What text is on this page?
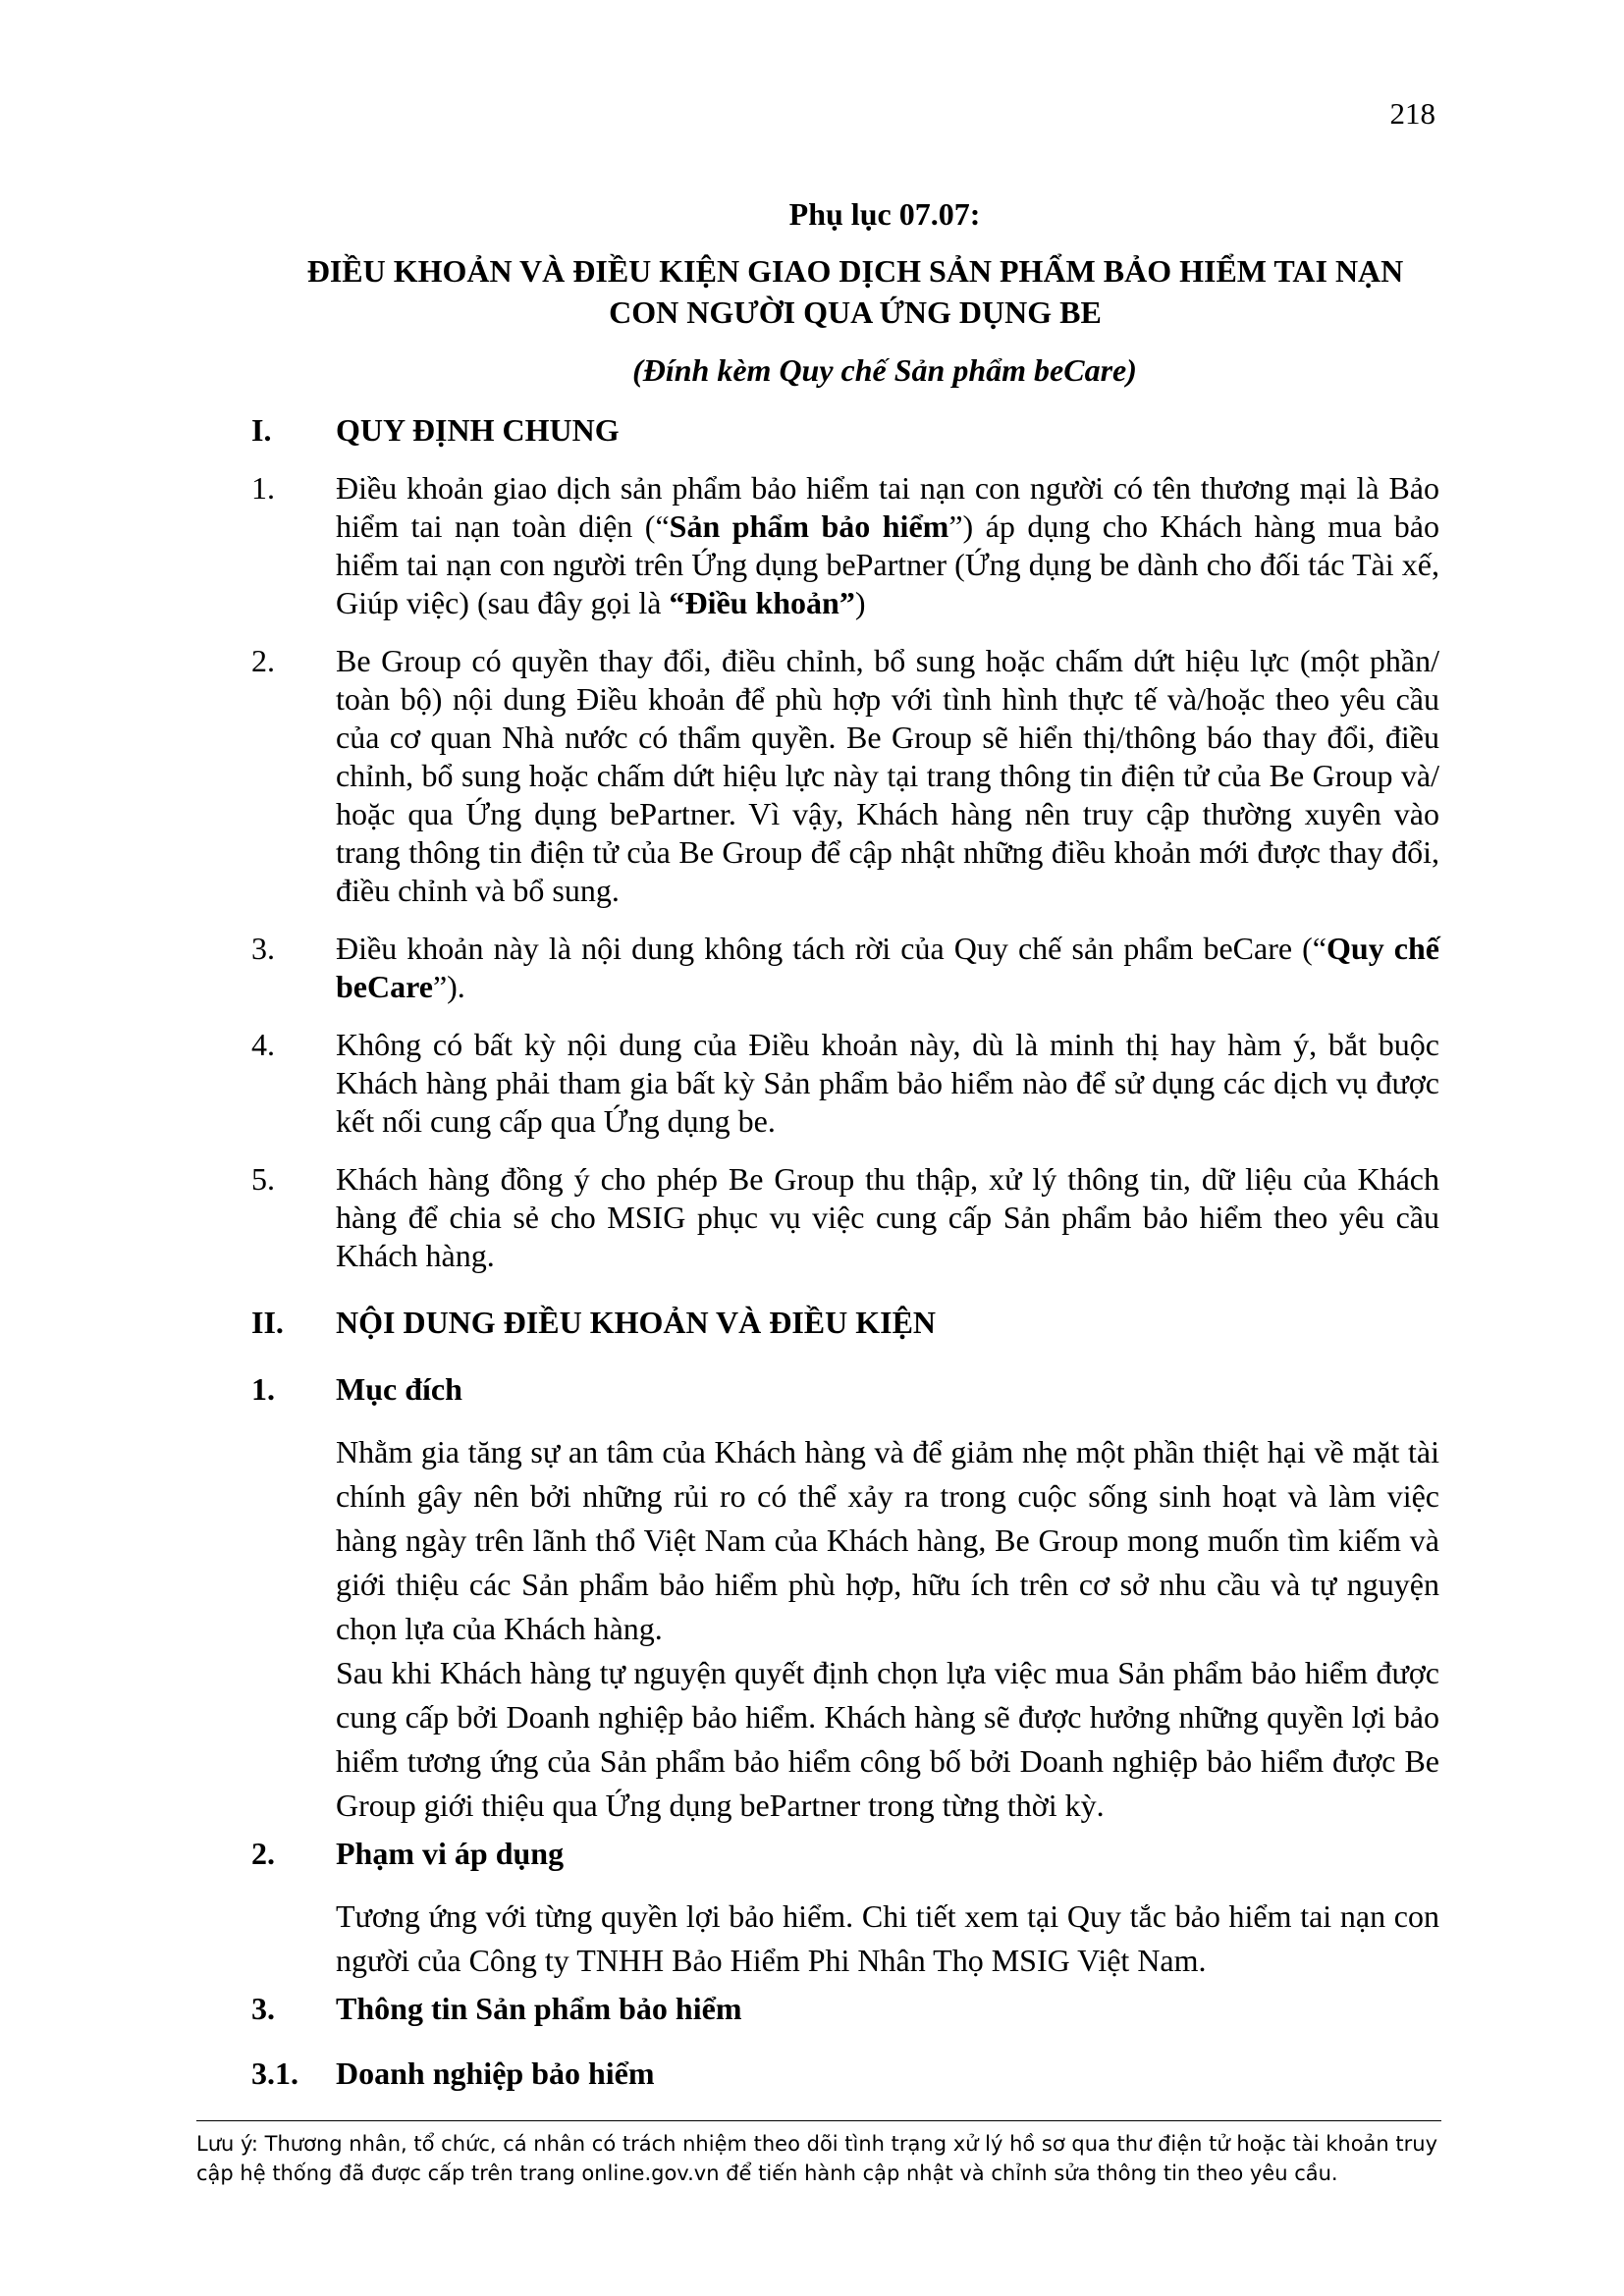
218
Phụ lục 07.07:
ĐIỀU KHOẢN VÀ ĐIỀU KIỆN GIAO DỊCH SẢN PHẨM BẢO HIỂM TAI NẠN CON NGƯỜI QUA ỨNG DỤNG BE
(Đính kèm Quy chế Sản phẩm beCare)
I.	QUY ĐỊNH CHUNG
1.	Điều khoản giao dịch sản phẩm bảo hiểm tai nạn con người có tên thương mại là Bảo hiểm tai nạn toàn diện (“Sản phẩm bảo hiểm”) áp dụng cho Khách hàng mua bảo hiểm tai nạn con người trên Ứng dụng bePartner (Ứng dụng be dành cho đối tác Tài xế, Giúp việc) (sau đây gọi là “Điều khoản”)
2.	Be Group có quyền thay đổi, điều chỉnh, bổ sung hoặc chấm dứt hiệu lực (một phần/ toàn bộ) nội dung Điều khoản để phù hợp với tình hình thực tế và/hoặc theo yêu cầu của cơ quan Nhà nước có thẩm quyền. Be Group sẽ hiển thị/thông báo thay đổi, điều chỉnh, bổ sung hoặc chấm dứt hiệu lực này tại trang thông tin điện tử của Be Group và/ hoặc qua Ứng dụng bePartner. Vì vậy, Khách hàng nên truy cập thường xuyên vào trang thông tin điện tử của Be Group để cập nhật những điều khoản mới được thay đổi, điều chỉnh và bổ sung.
3.	Điều khoản này là nội dung không tách rời của Quy chế sản phẩm beCare (“Quy chế beCare”).
4.	Không có bất kỳ nội dung của Điều khoản này, dù là minh thị hay hàm ý, bắt buộc Khách hàng phải tham gia bất kỳ Sản phẩm bảo hiểm nào để sử dụng các dịch vụ được kết nối cung cấp qua Ứng dụng be.
5.	Khách hàng đồng ý cho phép Be Group thu thập, xử lý thông tin, dữ liệu của Khách hàng để chia sẻ cho MSIG phục vụ việc cung cấp Sản phẩm bảo hiểm theo yêu cầu Khách hàng.
II.	NỘI DUNG ĐIỀU KHOẢN VÀ ĐIỀU KIỆN
1.	Mục đích
Nhằm gia tăng sự an tâm của Khách hàng và để giảm nhẹ một phần thiệt hại về mặt tài chính gây nên bởi những rủi ro có thể xảy ra trong cuộc sống sinh hoạt và làm việc hàng ngày trên lãnh thổ Việt Nam của Khách hàng, Be Group mong muốn tìm kiếm và giới thiệu các Sản phẩm bảo hiểm phù hợp, hữu ích trên cơ sở nhu cầu và tự nguyện chọn lựa của Khách hàng.
Sau khi Khách hàng tự nguyện quyết định chọn lựa việc mua Sản phẩm bảo hiểm được cung cấp bởi Doanh nghiệp bảo hiểm. Khách hàng sẽ được hưởng những quyền lợi bảo hiểm tương ứng của Sản phẩm bảo hiểm công bố bởi Doanh nghiệp bảo hiểm được Be Group giới thiệu qua Ứng dụng bePartner trong từng thời kỳ.
2.	Phạm vi áp dụng
Tương ứng với từng quyền lợi bảo hiểm. Chi tiết xem tại Quy tắc bảo hiểm tai nạn con người của Công ty TNHH Bảo Hiểm Phi Nhân Thọ MSIG Việt Nam.
3.	Thông tin Sản phẩm bảo hiểm
3.1.	Doanh nghiệp bảo hiểm
Lưu ý: Thương nhân, tổ chức, cá nhân có trách nhiệm theo dõi tình trạng xử lý hồ sơ qua thư điện tử hoặc tài khoản truy cập hệ thống đã được cấp trên trang online.gov.vn để tiến hành cập nhật và chỉnh sửa thông tin theo yêu cầu.
